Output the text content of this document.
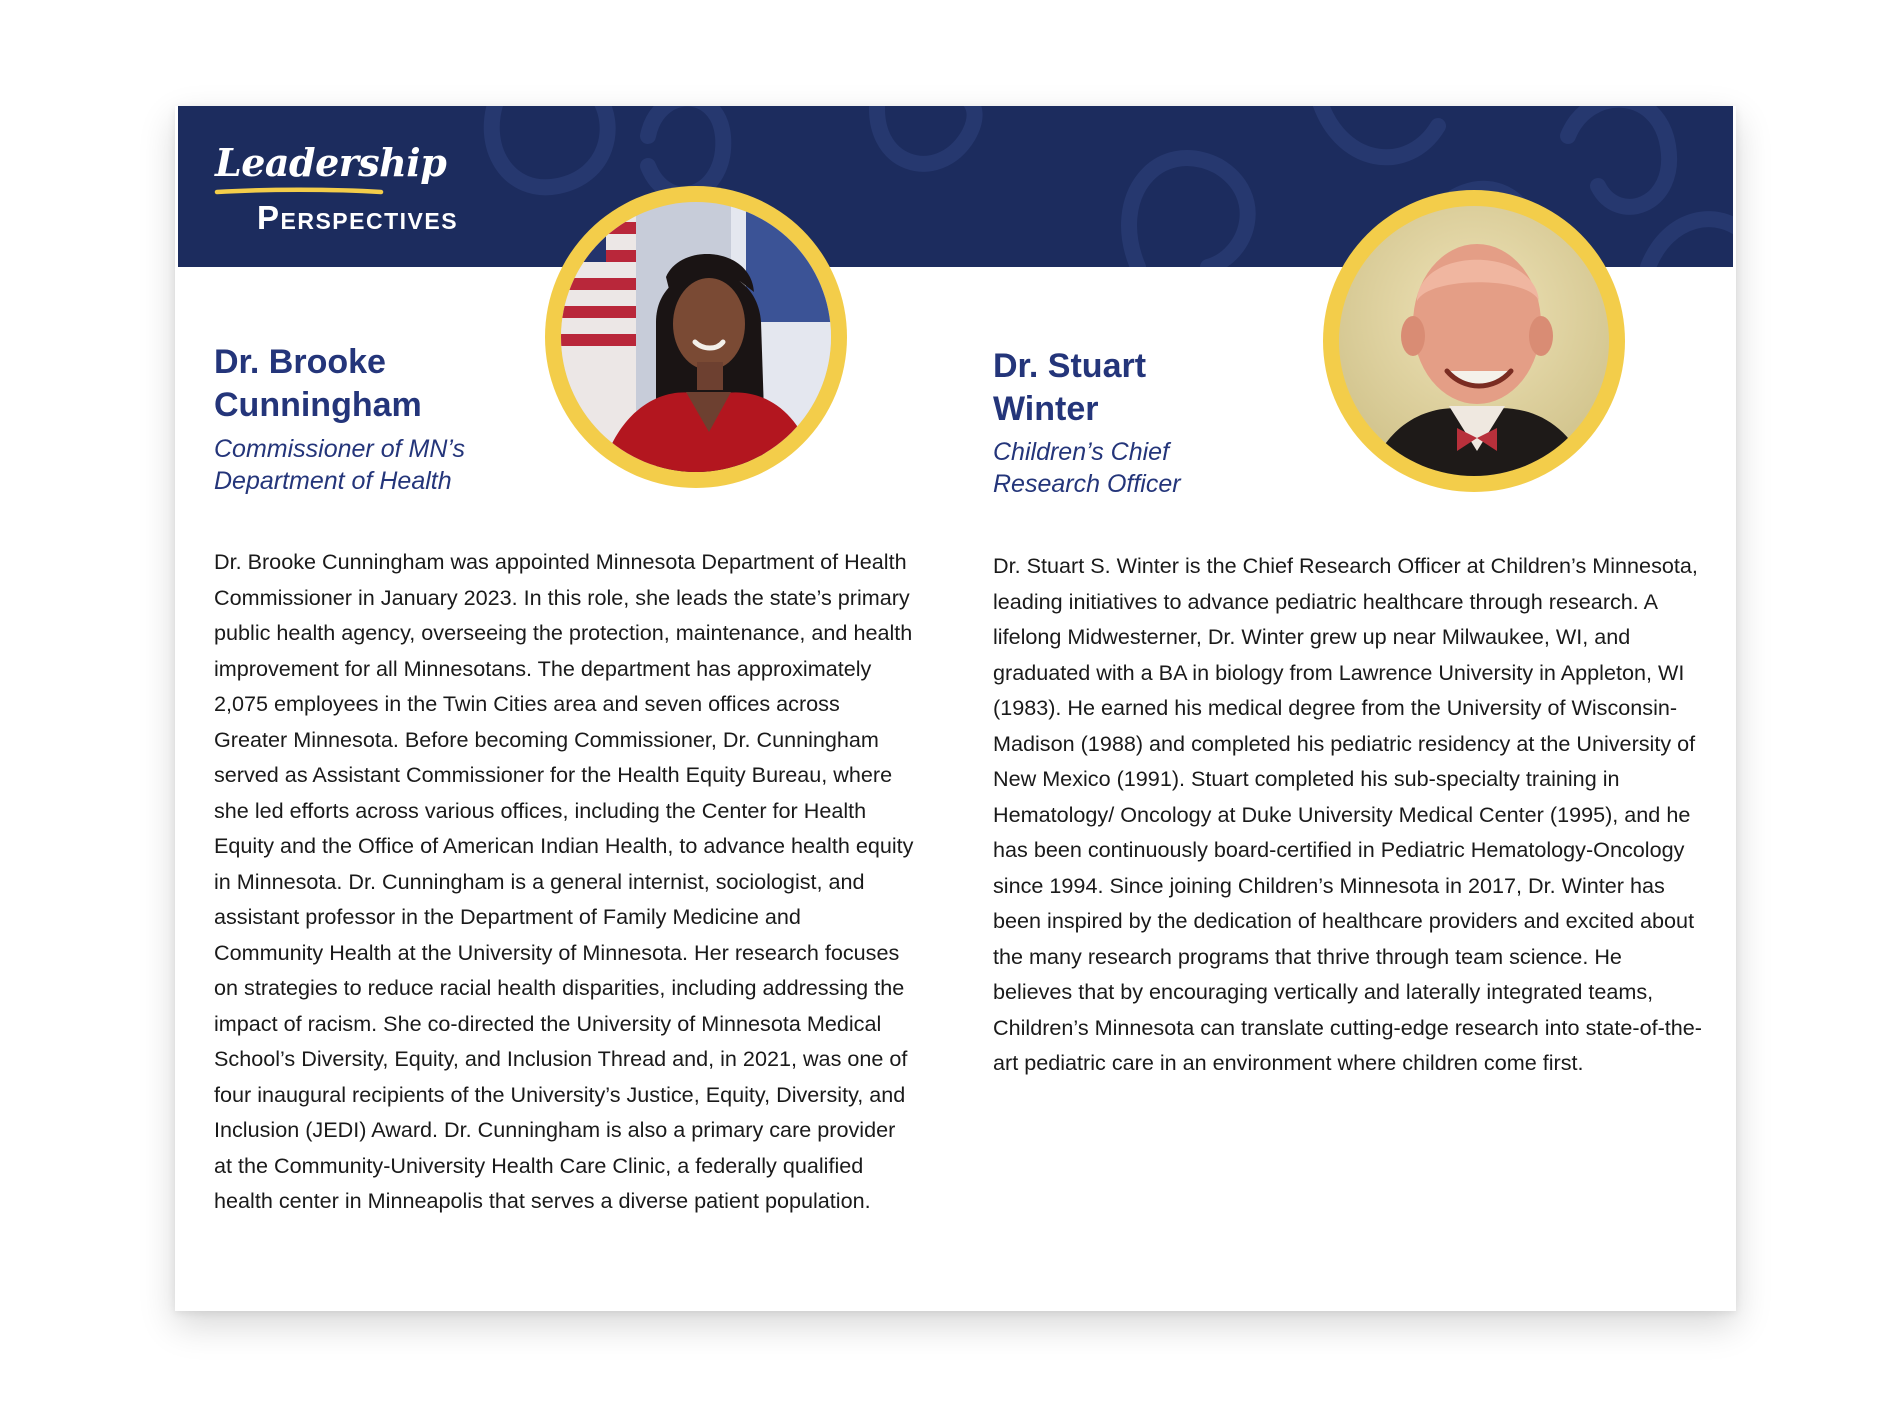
Leadership
Perspectives
Dr. Brooke
Cunningham
Commissioner of MN’s
Department of Health

Dr. Brooke Cunningham was appointed Minnesota Department of Health Commissioner in January 2023. In this role, she leads the state’s primary public health agency, overseeing the protection, maintenance, and health improvement for all Minnesotans. The department has approximately 2,075 employees in the Twin Cities area and seven offices across Greater Minnesota. Before becoming Commissioner, Dr. Cunningham served as Assistant Commissioner for the Health Equity Bureau, where she led efforts across various offices, including the Center for Health Equity and the Office of American Indian Health, to advance health equity in Minnesota. Dr. Cunningham is a general internist, sociologist, and assistant professor in the Department of Family Medicine and Community Health at the University of Minnesota. Her research focuses on strategies to reduce racial health disparities, including addressing the impact of racism. She co-directed the University of Minnesota Medical School’s Diversity, Equity, and Inclusion Thread and, in 2021, was one of four inaugural recipients of the University’s Justice, Equity, Diversity, and Inclusion (JEDI) Award. Dr. Cunningham is also a primary care provider at the Community-University Health Care Clinic, a federally qualified health center in Minneapolis that serves a diverse patient population.

Dr. Stuart
Winter
Children’s Chief
Research Officer

Dr. Stuart S. Winter is the Chief Research Officer at Children’s Minnesota, leading initiatives to advance pediatric healthcare through research. A lifelong Midwesterner, Dr. Winter grew up near Milwaukee, WI, and graduated with a BA in biology from Lawrence University in Appleton, WI (1983). He earned his medical degree from the University of Wisconsin-Madison (1988) and completed his pediatric residency at the University of New Mexico (1991). Stuart completed his sub-specialty training in Hematology/ Oncology at Duke University Medical Center (1995), and he has been continuously board-certified in Pediatric Hematology-Oncology since 1994. Since joining Children’s Minnesota in 2017, Dr. Winter has been inspired by the dedication of healthcare providers and excited about the many research programs that thrive through team science. He believes that by encouraging vertically and laterally integrated teams, Children’s Minnesota can translate cutting-edge research into state-of-the-art pediatric care in an environment where children come first.
